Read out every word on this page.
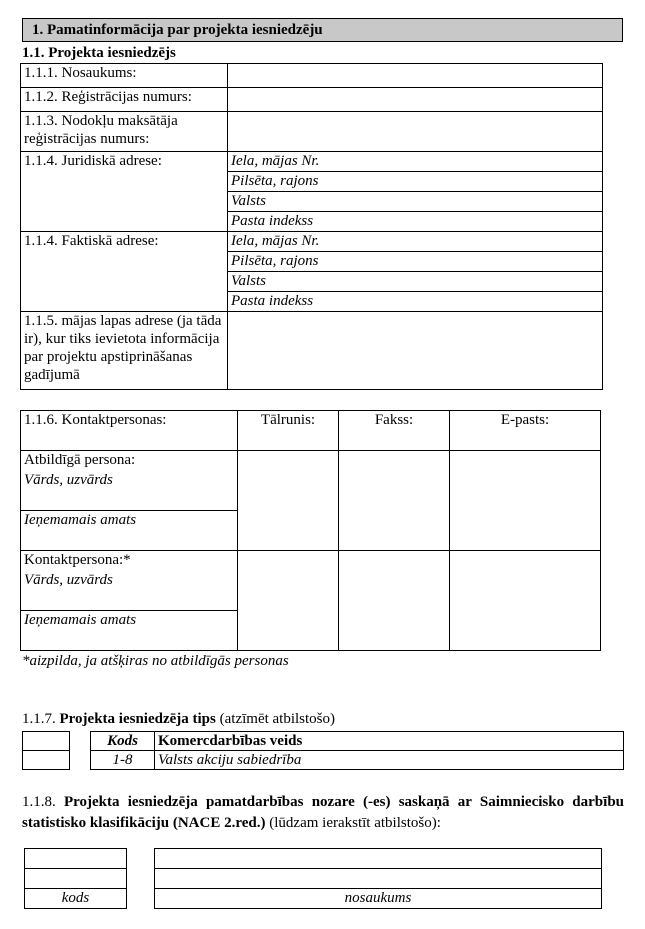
1. Pamatinformācija par projekta iesniedzēju
1.1. Projekta iesniedzējs
1.1.1. Nosaukums:	
1.1.2. Reģistrācijas numurs:	
1.1.3. Nodokļu maksātāja reģistrācijas numurs:	
1.1.4. Juridiskā adrese:	Iela, mājas Nr.
	Pilsēta, rajons
	Valsts
	Pasta indekss
1.1.4. Faktiskā adrese:	Iela, mājas Nr.
	Pilsēta, rajons
	Valsts
	Pasta indekss
1.1.5. mājas lapas adrese (ja tāda ir), kur tiks ievietota informācija par projektu apstiprināšanas gadījumā	
1.1.6. Kontaktpersonas:	Tālrunis:	Fakss:	E-pasts:
Atbildīgā persona:			
Vārds, uzvārds			
Ieņemamais amats			
Kontaktpersona:*			
Vārds, uzvārds			
Ieņemamais amats			
*aizpilda, ja atšķiras no atbildīgās personas
1.1.7. Projekta iesniedzēja tips (atzīmēt atbilstošo)

Kods	Komercdarbības veids
1-8	Valsts akciju sabiedrība
1.1.8. Projekta iesniedzēja pamatdarbības nozare (-es) saskaņā ar Saimniecisko darbību statistisko klasifikāciju (NACE 2.red.) (lūdzam ierakstīt atbilstošo):

kods	nosaukums
